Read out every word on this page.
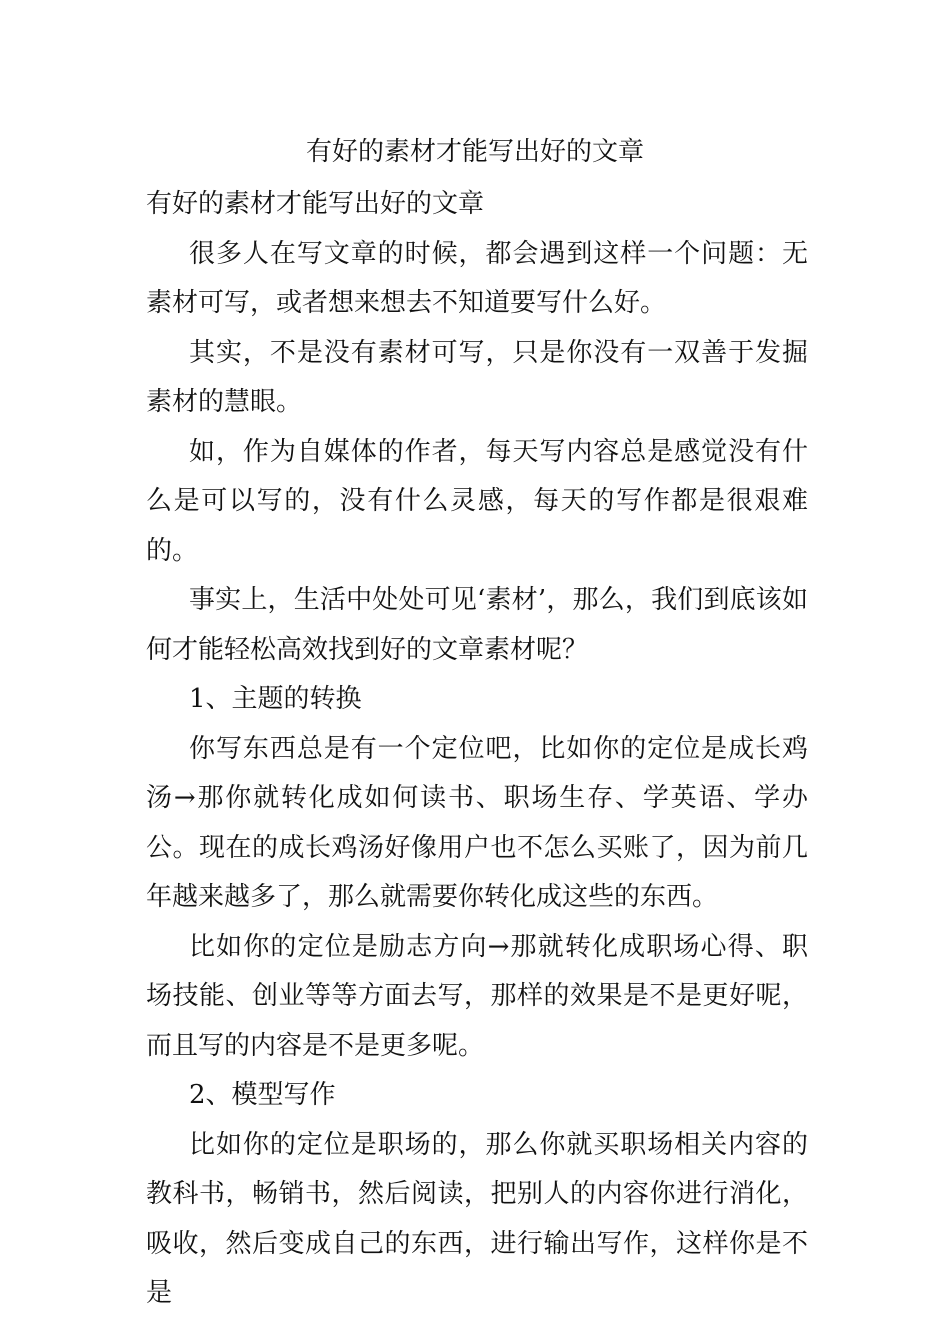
有好的素材才能写出好的文章

有好的素材才能写出好的文章

很多人在写文章的时候，都会遇到这样一个问题：无素材可写，或者想来想去不知道要写什么好。

其实，不是没有素材可写，只是你没有一双善于发掘素材的慧眼。

如，作为自媒体的作者，每天写内容总是感觉没有什么是可以写的，没有什么灵感，每天的写作都是很艰难的。

事实上，生活中处处可见‘素材’，那么，我们到底该如何才能轻松高效找到好的文章素材呢？

1、主题的转换

你写东西总是有一个定位吧，比如你的定位是成长鸡汤→那你就转化成如何读书、职场生存、学英语、学办公。现在的成长鸡汤好像用户也不怎么买账了，因为前几年越来越多了，那么就需要你转化成这些的东西。

比如你的定位是励志方向→那就转化成职场心得、职场技能、创业等等方面去写，那样的效果是不是更好呢，而且写的内容是不是更多呢。

2、模型写作

比如你的定位是职场的，那么你就买职场相关内容的教科书，畅销书，然后阅读，把别人的内容你进行消化，吸收，然后变成自己的东西，进行输出写作，这样你是不是
